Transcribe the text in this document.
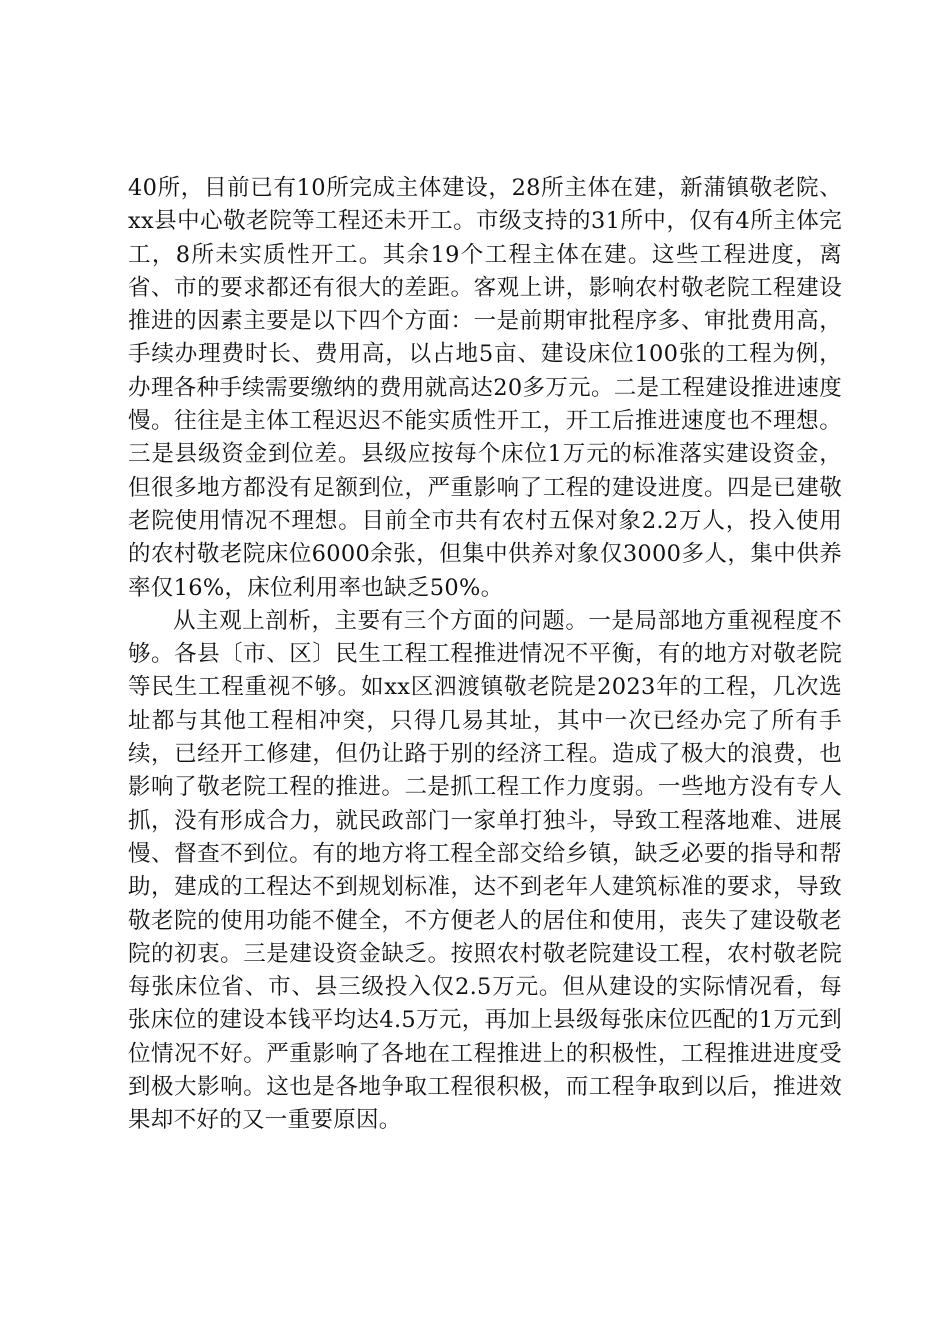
40所，目前已有10所完成主体建设，28所主体在建，新蒲镇敬老院、xx县中心敬老院等工程还未开工。市级支持的31所中，仅有4所主体完工，8所未实质性开工。其余19个工程主体在建。这些工程进度，离省、市的要求都还有很大的差距。客观上讲，影响农村敬老院工程建设推进的因素主要是以下四个方面：一是前期审批程序多、审批费用高，手续办理费时长、费用高，以占地5亩、建设床位100张的工程为例，办理各种手续需要缴纳的费用就高达20多万元。二是工程建设推进速度慢。往往是主体工程迟迟不能实质性开工，开工后推进速度也不理想。三是县级资金到位差。县级应按每个床位1万元的标准落实建设资金，但很多地方都没有足额到位，严重影响了工程的建设进度。四是已建敬老院使用情况不理想。目前全市共有农村五保对象2.2万人，投入使用的农村敬老院床位6000余张，但集中供养对象仅3000多人，集中供养率仅16%，床位利用率也缺乏50%。

从主观上剖析，主要有三个方面的问题。一是局部地方重视程度不够。各县〔市、区〕民生工程工程推进情况不平衡，有的地方对敬老院等民生工程重视不够。如xx区泗渡镇敬老院是2023年的工程，几次选址都与其他工程相冲突，只得几易其址，其中一次已经办完了所有手续，已经开工修建，但仍让路于别的经济工程。造成了极大的浪费，也影响了敬老院工程的推进。二是抓工程工作力度弱。一些地方没有专人抓，没有形成合力，就民政部门一家单打独斗，导致工程落地难、进展慢、督查不到位。有的地方将工程全部交给乡镇，缺乏必要的指导和帮助，建成的工程达不到规划标准，达不到老年人建筑标准的要求，导致敬老院的使用功能不健全，不方便老人的居住和使用，丧失了建设敬老院的初衷。三是建设资金缺乏。按照农村敬老院建设工程，农村敬老院每张床位省、市、县三级投入仅2.5万元。但从建设的实际情况看，每张床位的建设本钱平均达4.5万元，再加上县级每张床位匹配的1万元到位情况不好。严重影响了各地在工程推进上的积极性，工程推进进度受到极大影响。这也是各地争取工程很积极，而工程争取到以后，推进效果却不好的又一重要原因。
